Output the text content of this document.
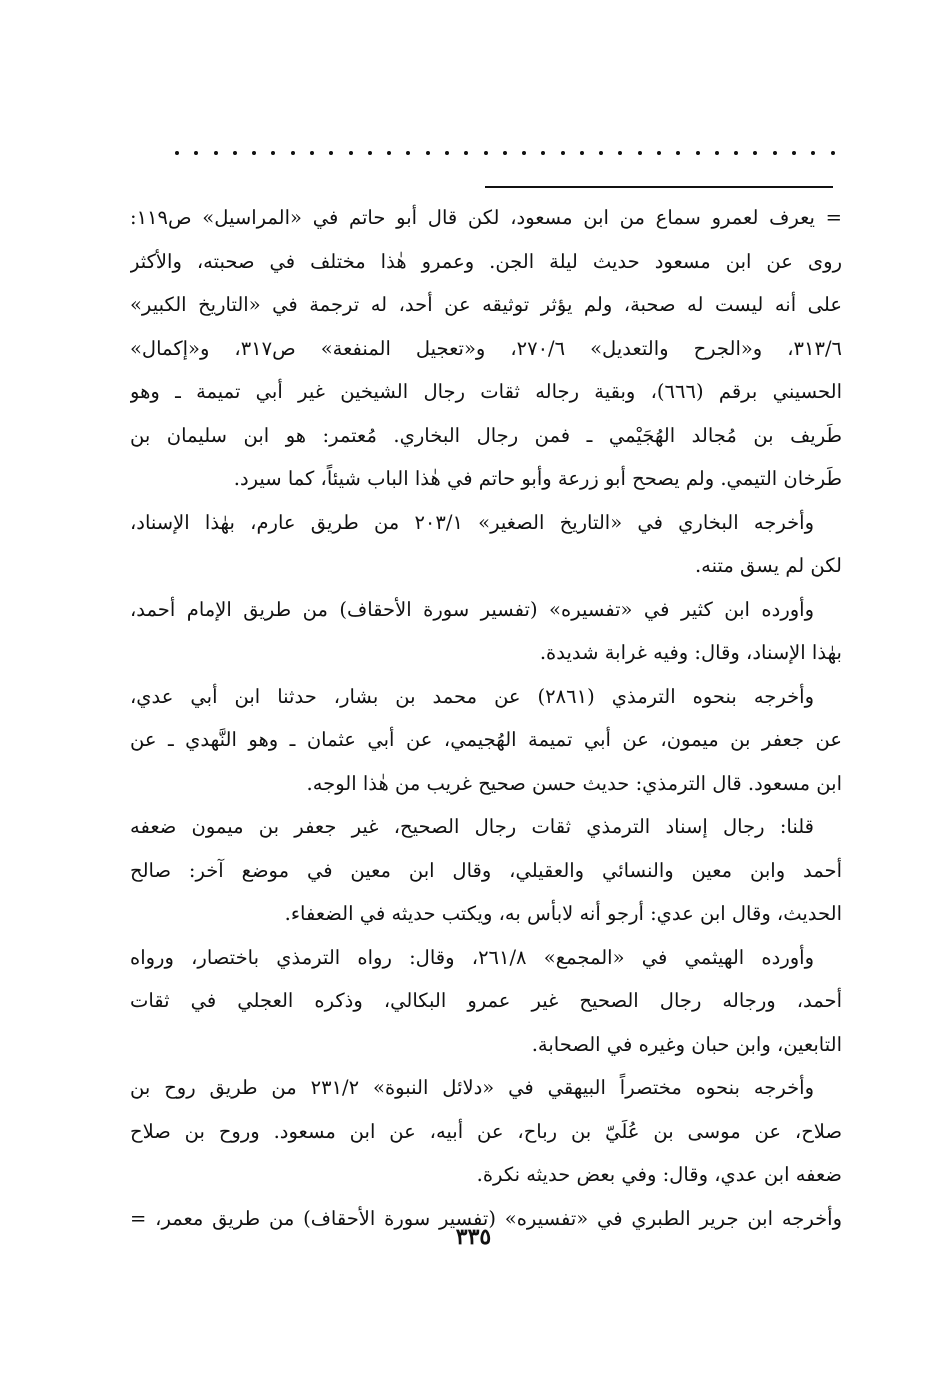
= يعرف لعمرو سماع من ابن مسعود، لكن قال أبو حاتم في «المراسيل» ص١١٩:
روى عن ابن مسعود حديث ليلة الجن. وعمرو هٰذا مختلف في صحبته، والأكثر
على أنه ليست له صحبة، ولم يؤثر توثيقه عن أحد، له ترجمة في «التاريخ الكبير»
٣١٣/٦، و«الجرح والتعديل» ٢٧٠/٦، و«تعجيل المنفعة» ص٣١٧، و«إكمال»
الحسيني برقم (٦٦٦)، وبقية رجاله ثقات رجال الشيخين غير أبي تميمة ـ وهو
طَريف بن مُجالد الهُجَيْمي ـ فمن رجال البخاري. مُعتمر: هو ابن سليمان بن
طَرخان التيمي. ولم يصحح أبو زرعة وأبو حاتم في هٰذا الباب شيئاً، كما سيرد.
وأخرجه البخاري في «التاريخ الصغير» ٢٠٣/١ من طريق عارم، بهٰذا الإسناد،
لكن لم يسق متنه.
وأورده ابن كثير في «تفسيره» (تفسير سورة الأحقاف) من طريق الإمام أحمد،
بهٰذا الإسناد، وقال: وفيه غرابة شديدة.
وأخرجه بنحوه الترمذي (٢٨٦١) عن محمد بن بشار، حدثنا ابن أبي عدي،
عن جعفر بن ميمون، عن أبي تميمة الهُجيمي، عن أبي عثمان ـ وهو النَّهدي ـ عن
ابن مسعود. قال الترمذي: حديث حسن صحيح غريب من هٰذا الوجه.
قلنا: رجال إسناد الترمذي ثقات رجال الصحيح، غير جعفر بن ميمون ضعفه
أحمد وابن معين والنسائي والعقيلي، وقال ابن معين في موضع آخر: صالح
الحديث، وقال ابن عدي: أرجو أنه لابأس به، ويكتب حديثه في الضعفاء.
وأورده الهيثمي في «المجمع» ٢٦١/٨، وقال: رواه الترمذي باختصار، ورواه
أحمد، ورجاله رجال الصحيح غير عمرو البكالي، وذكره العجلي في ثقات
التابعين، وابن حبان وغيره في الصحابة.
وأخرجه بنحوه مختصراً البيهقي في «دلائل النبوة» ٢٣١/٢ من طريق روح بن
صلاح، عن موسى بن عُلَيّ بن رباح، عن أبيه، عن ابن مسعود. وروح بن صلاح
ضعفه ابن عدي، وقال: وفي بعض حديثه نكرة.
وأخرجه ابن جرير الطبري في «تفسيره» (تفسير سورة الأحقاف) من طريق معمر، =
٣٣٥
